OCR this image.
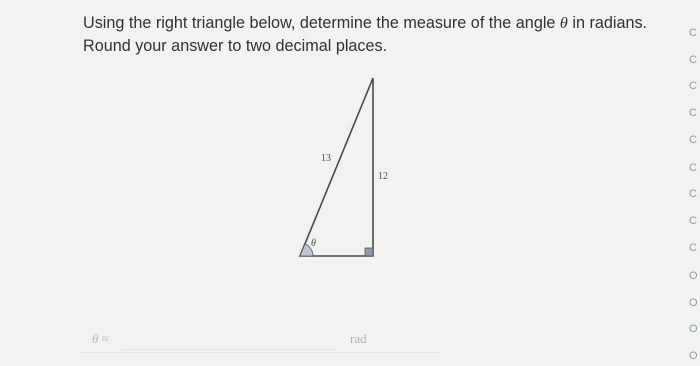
Using the right triangle below, determine the measure of the angle θ in radians. Round your answer to two decimal places.
13
12
θ
θ ≈	rad
C
C
C
C
C
C
C
C
C
O
O
O
O
